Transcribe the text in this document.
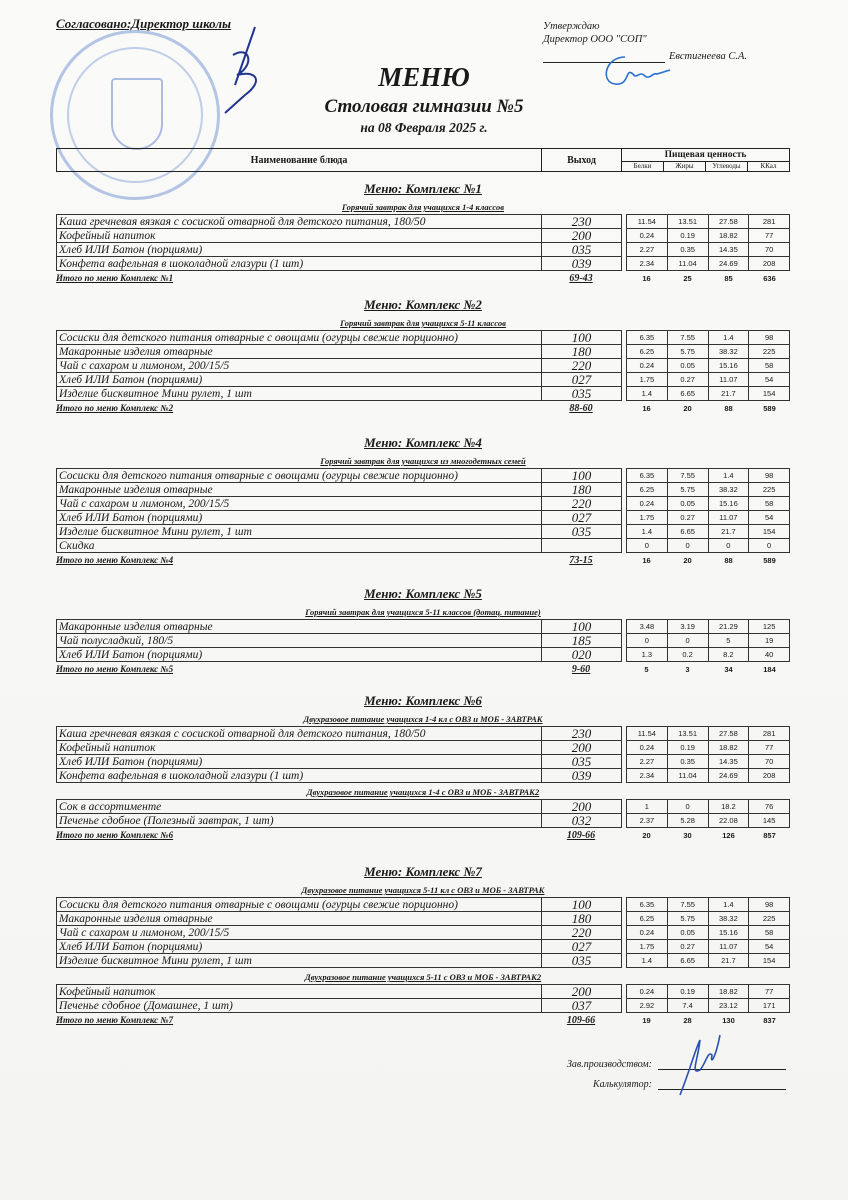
Согласовано:Директор школы	Утверждаю
Директор ООО "СОП"
Евстигнеева С.А.
МЕНЮ
Столовая гимназии №5
на 08 Февраля 2025 г.
Наименование блюда	Выход	Пищевая ценность
Белки	Жиры	Углеводы	ККал
Меню: Комплекс №1
Горячий завтрак для учащихся 1-4 классов
Каша гречневая вязкая с сосиской отварной для детского питания, 180/50	230		11.54	13.51	27.58	281
Кофейный напиток	200		0.24	0.19	18.82	77
Хлеб ИЛИ Батон (порциями)	035		2.27	0.35	14.35	70
Конфета вафельная в шоколадной глазури (1 шт)	039		2.34	11.04	24.69	208
Итого по меню Комплекс №1	69-43	16	25	85	636
Меню: Комплекс №2
Горячий завтрак для учащихся 5-11 классов
Сосиски для детского питания отварные с овощами (огурцы свежие порционно)	100		6.35	7.55	1.4	98
Макаронные изделия отварные	180		6.25	5.75	38.32	225
Чай с сахаром и лимоном, 200/15/5	220		0.24	0.05	15.16	58
Хлеб ИЛИ Батон (порциями)	027		1.75	0.27	11.07	54
Изделие бисквитное Мини рулет, 1 шт	035		1.4	6.65	21.7	154
Итого по меню Комплекс №2	88-60	16	20	88	589
Меню: Комплекс №4
Горячий завтрак для учащихся из многодетных семей
Сосиски для детского питания отварные с овощами (огурцы свежие порционно)	100		6.35	7.55	1.4	98
Макаронные изделия отварные	180		6.25	5.75	38.32	225
Чай с сахаром и лимоном, 200/15/5	220		0.24	0.05	15.16	58
Хлеб ИЛИ Батон (порциями)	027		1.75	0.27	11.07	54
Изделие бисквитное Мини рулет, 1 шт	035		1.4	6.65	21.7	154
Скидка			0	0	0	0
Итого по меню Комплекс №4	73-15	16	20	88	589
Меню: Комплекс №5
Горячий завтрак для учащихся 5-11 классов (дотац. питание)
Макаронные изделия отварные	100		3.48	3.19	21.29	125
Чай полусладкий, 180/5	185		0	0	5	19
Хлеб ИЛИ Батон (порциями)	020		1.3	0.2	8.2	40
Итого по меню Комплекс №5	9-60	5	3	34	184
Меню: Комплекс №6
Двухразовое питание учащихся 1-4 кл с ОВЗ и МОБ - ЗАВТРАК
Каша гречневая вязкая с сосиской отварной для детского питания, 180/50	230		11.54	13.51	27.58	281
Кофейный напиток	200		0.24	0.19	18.82	77
Хлеб ИЛИ Батон (порциями)	035		2.27	0.35	14.35	70
Конфета вафельная в шоколадной глазури (1 шт)	039		2.34	11.04	24.69	208
Двухразовое питание учащихся 1-4 с ОВЗ и МОБ - ЗАВТРАК2
Сок в ассортименте	200		1	0	18.2	76
Печенье сдобное (Полезный завтрак, 1 шт)	032		2.37	5.28	22.08	145
Итого по меню Комплекс №6	109-66	20	30	126	857
Меню: Комплекс №7
Двухразовое питание учащихся 5-11 кл с ОВЗ и МОБ - ЗАВТРАК
Сосиски для детского питания отварные с овощами (огурцы свежие порционно)	100		6.35	7.55	1.4	98
Макаронные изделия отварные	180		6.25	5.75	38.32	225
Чай с сахаром и лимоном, 200/15/5	220		0.24	0.05	15.16	58
Хлеб ИЛИ Батон (порциями)	027		1.75	0.27	11.07	54
Изделие бисквитное Мини рулет, 1 шт	035		1.4	6.65	21.7	154
Двухразовое питание учащихся 5-11 с ОВЗ и МОБ - ЗАВТРАК2
Кофейный напиток	200		0.24	0.19	18.82	77
Печенье сдобное (Домашнее, 1 шт)	037		2.92	7.4	23.12	171
Итого по меню Комплекс №7	109-66	19	28	130	837
Зав.производством:
Калькулятор:
